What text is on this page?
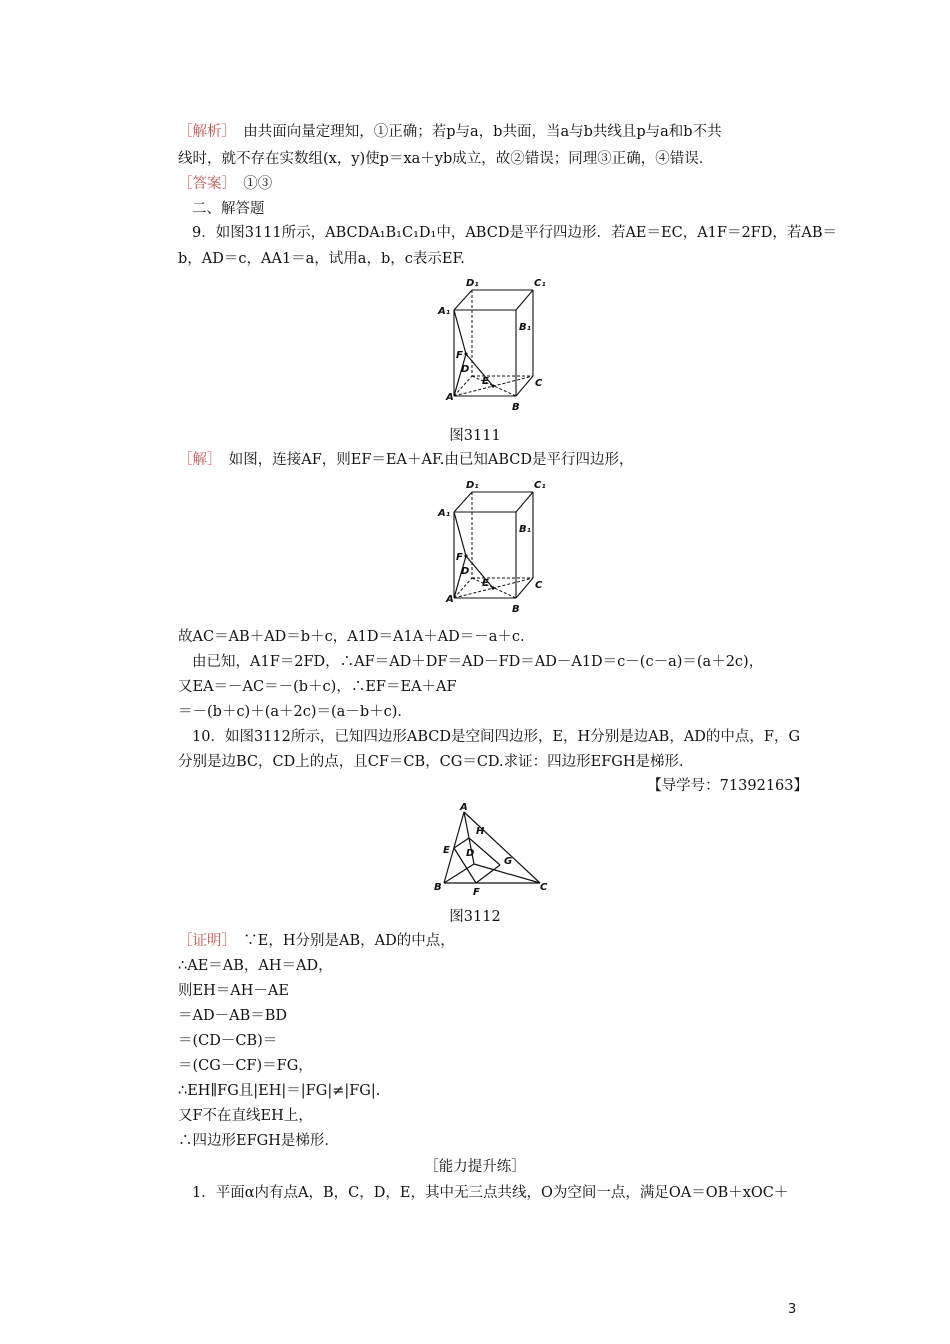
［解析］　由共面向量定理知，①正确；若p与a，b共面，当a与b共线且p与a和b不共
线时，就不存在实数组(x，y)使p＝xa＋yb成立，故②错误；同理③正确，④错误．
［答案］　①③
二、解答题
9．如图3111所示，ABCDA₁B₁C₁D₁中，ABCD是平行四边形．若AE＝EC，A1F＝2FD，若AB＝
b，AD＝c，AA1＝a，试用a，b，c表示EF.
D₁	C₁
A₁
B₁
F
D
E	C
A
B
图3111
［解］　如图，连接AF，则EF＝EA＋AF.由已知ABCD是平行四边形，
D₁	C₁
A₁
B₁
F
D
E	C
A
B
故AC＝AB＋AD＝b＋c，A1D＝A1A＋AD＝－a＋c.
由已知，A1F＝2FD，∴AF＝AD＋DF＝AD－FD＝AD－A1D＝c－(c－a)＝(a＋2c)，
又EA＝－AC＝－(b＋c)，∴EF＝EA＋AF
＝－(b＋c)＋(a＋2c)＝(a－b＋c)．
10．如图3112所示，已知四边形ABCD是空间四边形，E，H分别是边AB，AD的中点，F，G
分别是边BC，CD上的点，且CF＝CB，CG＝CD.求证：四边形EFGH是梯形．
【导学号：71392163】
A
H
E D
G
B	F	C
图3112
［证明］　∵E，H分别是AB，AD的中点，
∴AE＝AB，AH＝AD，
则EH＝AH－AE
＝AD－AB＝BD
＝(CD－CB)＝
＝(CG－CF)＝FG，
∴EH∥FG且|EH|＝|FG|≠|FG|.
又F不在直线EH上，
∴四边形EFGH是梯形．
［能力提升练］
1．平面α内有点A，B，C，D，E，其中无三点共线，O为空间一点，满足OA＝OB＋xOC＋
3
